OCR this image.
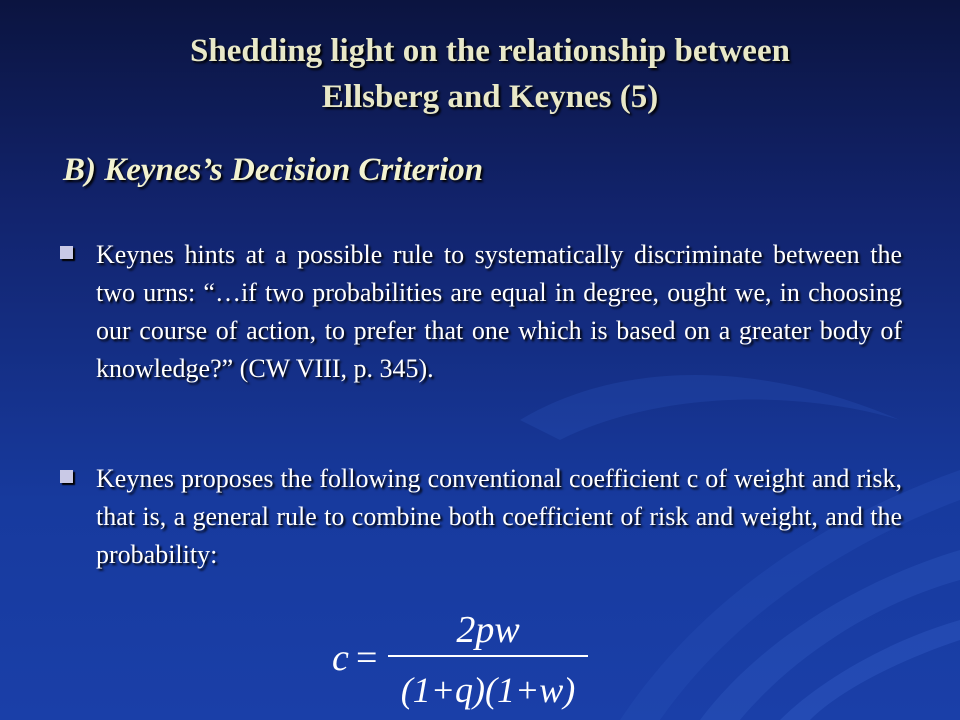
Shedding light on the relationship between
Ellsberg and Keynes (5)
B) Keynes’s Decision Criterion
Keynes hints at a possible rule to systematically discriminate between the two urns: “…if two probabilities are equal in degree, ought we, in choosing our course of action, to prefer that one which is based on a greater body of knowledge?” (CW VIII, p. 345).
Keynes proposes the following conventional coefficient c of weight and risk, that is, a general rule to combine both coefficient of risk and weight, and the probability:
c =
2pw
(1+q)(1+w)
